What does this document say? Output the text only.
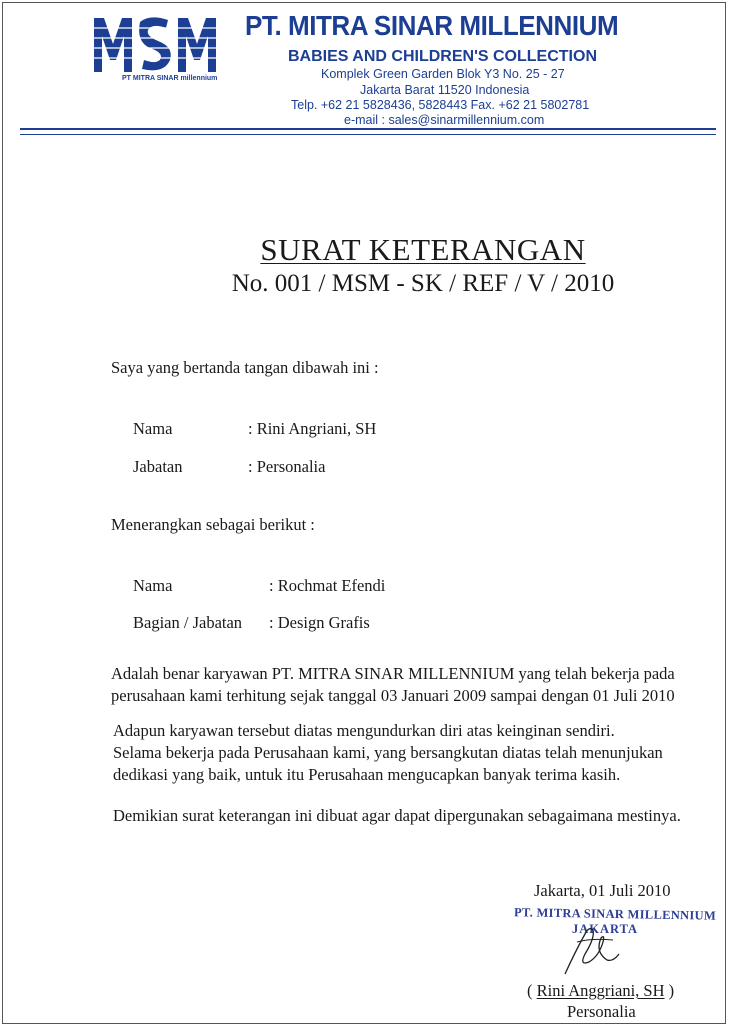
PT MITRA SINAR millennium
PT. MITRA SINAR MILLENNIUM
BABIES AND CHILDREN'S COLLECTION
Komplek Green Garden Blok Y3 No. 25 - 27
Jakarta Barat 11520 Indonesia
Telp. +62 21 5828436, 5828443 Fax. +62 21 5802781
e-mail : sales@sinarmillennium.com
SURAT KETERANGAN
No. 001 / MSM - SK / REF / V / 2010
Saya yang bertanda tangan dibawah ini :
Nama	: Rini Angriani, SH
Jabatan	: Personalia
Menerangkan sebagai berikut :
Nama	: Rochmat Efendi
Bagian / Jabatan : Design Grafis
Adalah benar karyawan PT. MITRA SINAR MILLENNIUM yang telah bekerja pada
perusahaan kami terhitung sejak tanggal 03 Januari 2009 sampai dengan 01 Juli 2010
Adapun karyawan tersebut diatas mengundurkan diri atas keinginan sendiri.
Selama bekerja pada Perusahaan kami, yang bersangkutan diatas telah menunjukan
dedikasi yang baik, untuk itu Perusahaan mengucapkan banyak terima kasih.
Demikian surat keterangan ini dibuat agar dapat dipergunakan sebagaimana mestinya.
Jakarta, 01 Juli 2010
PT. MITRA SINAR MILLENNIUM
JAKARTA
( Rini Anggriani, SH )
Personalia
